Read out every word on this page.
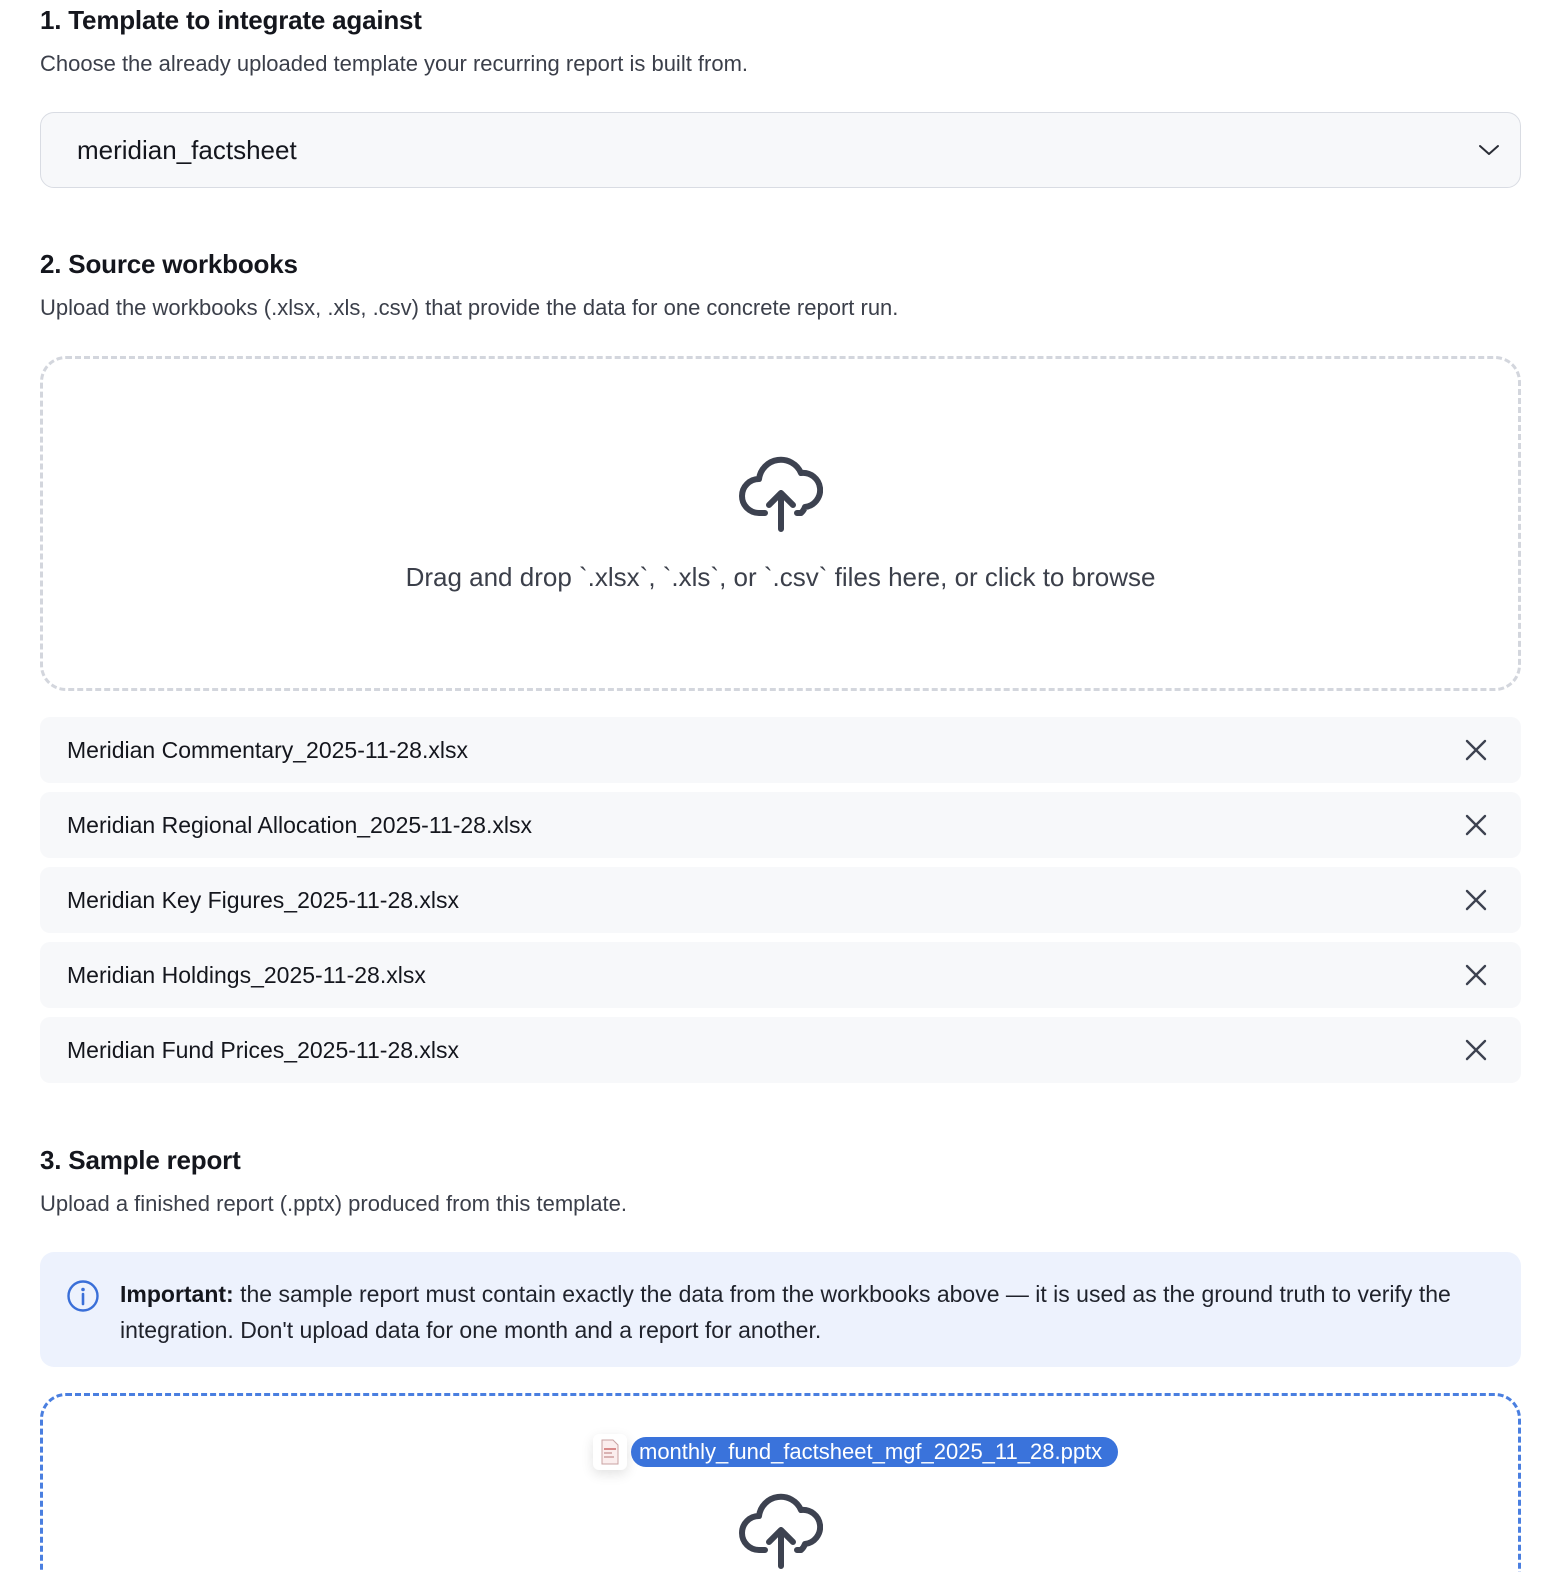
1. Template to integrate against

Choose the already uploaded template your recurring report is built from.

meridian_factsheet
2. Source workbooks

Upload the workbooks (.xlsx, .xls, .csv) that provide the data for one concrete report run.

Drag and drop `.xlsx`, `.xls`, or `.csv` files here, or click to browse
Meridian Commentary_2025-11-28.xlsx
Meridian Regional Allocation_2025-11-28.xlsx
Meridian Key Figures_2025-11-28.xlsx
Meridian Holdings_2025-11-28.xlsx
Meridian Fund Prices_2025-11-28.xlsx
3. Sample report

Upload a finished report (.pptx) produced from this template.

Important: the sample report must contain exactly the data from the workbooks above — it is used as the ground truth to verify the integration. Don't upload data for one month and a report for another.

monthly_fund_factsheet_mgf_2025_11_28.pptx
